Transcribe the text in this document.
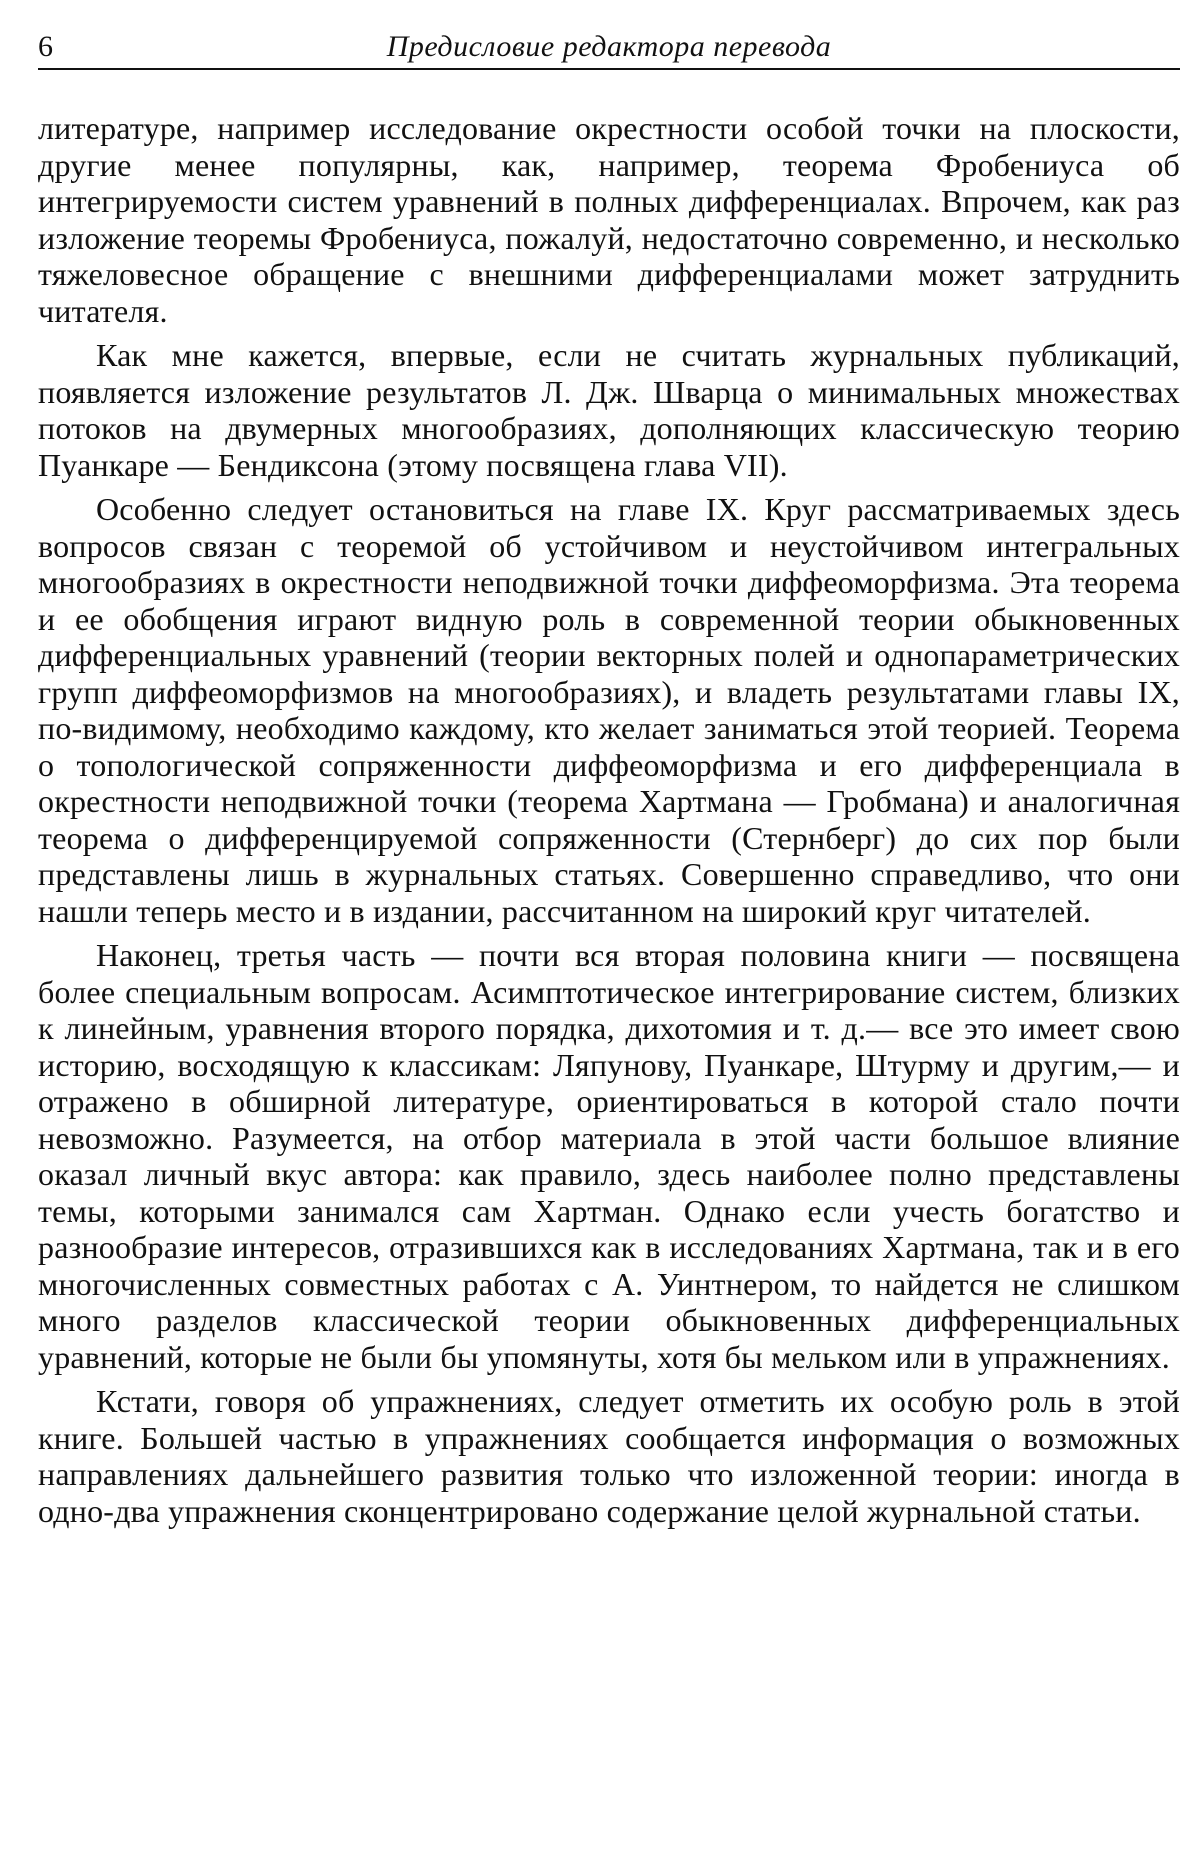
6	Предисловие редактора перевода

литературе, например исследование окрестности особой точки на плоскости, другие менее популярны, как, например, теорема Фробениуса об интегрируемости систем уравнений в полных дифференциалах. Впрочем, как раз изложение теоремы Фробениуса, пожалуй, недостаточно современно, и несколько тяжеловесное обращение с внешними дифференциалами может затруднить читателя.

Как мне кажется, впервые, если не считать журнальных публикаций, появляется изложение результатов Л. Дж. Шварца о минимальных множествах потоков на двумерных многообразиях, дополняющих классическую теорию Пуанкаре — Бендиксона (этому посвящена глава VII).

Особенно следует остановиться на главе IX. Круг рассматриваемых здесь вопросов связан с теоремой об устойчивом и неустойчивом интегральных многообразиях в окрестности неподвижной точки диффеоморфизма. Эта теорема и ее обобщения играют видную роль в современной теории обыкновенных дифференциальных уравнений (теории векторных полей и однопараметрических групп диффеоморфизмов на многообразиях), и владеть результатами главы IX, по-видимому, необходимо каждому, кто желает заниматься этой теорией. Теорема о топологической сопряженности диффеоморфизма и его дифференциала в окрестности неподвижной точки (теорема Хартмана — Гробмана) и аналогичная теорема о дифференцируемой сопряженности (Стернберг) до сих пор были представлены лишь в журнальных статьях. Совершенно справедливо, что они нашли теперь место и в издании, рассчитанном на широкий круг читателей.

Наконец, третья часть — почти вся вторая половина книги — посвящена более специальным вопросам. Асимптотическое интегрирование систем, близких к линейным, уравнения второго порядка, дихотомия и т. д.— все это имеет свою историю, восходящую к классикам: Ляпунову, Пуанкаре, Штурму и другим,— и отражено в обширной литературе, ориентироваться в которой стало почти невозможно. Разумеется, на отбор материала в этой части большое влияние оказал личный вкус автора: как правило, здесь наиболее полно представлены темы, которыми занимался сам Хартман. Однако если учесть богатство и разнообразие интересов, отразившихся как в исследованиях Хартмана, так и в его многочисленных совместных работах с А. Уинтнером, то найдется не слишком много разделов классической теории обыкновенных дифференциальных уравнений, которые не были бы упомянуты, хотя бы мельком или в упражнениях.

Кстати, говоря об упражнениях, следует отметить их особую роль в этой книге. Большей частью в упражнениях сообщается информация о возможных направлениях дальнейшего развития только что изложенной теории: иногда в одно-два упражнения сконцентрировано содержание целой журнальной статьи.
